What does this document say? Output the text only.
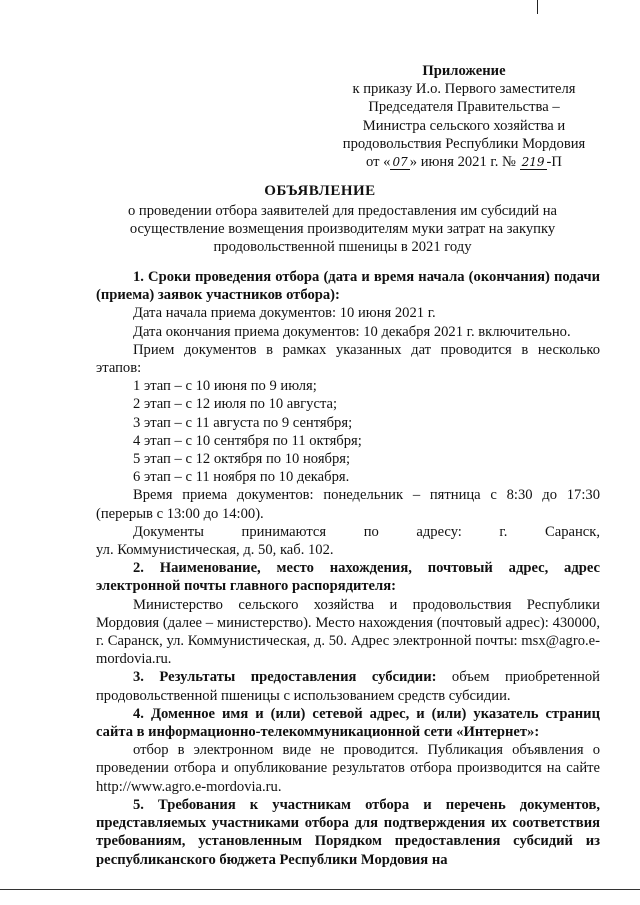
Приложение
к приказу И.о. Первого заместителя
Председателя Правительства –
Министра сельского хозяйства и
продовольствия Республики Мордовия
от « 07 » июня 2021 г. № 219 -П
ОБЪЯВЛЕНИЕ
о проведении отбора заявителей для предоставления им субсидий на осуществление возмещения производителям муки затрат на закупку продовольственной пшеницы в 2021 году

1. Сроки проведения отбора (дата и время начала (окончания) подачи (приема) заявок участников отбора):

Дата начала приема документов: 10 июня 2021 г.

Дата окончания приема документов: 10 декабря 2021 г. включительно.

Прием документов в рамках указанных дат проводится в несколько этапов:

1 этап – с 10 июня по 9 июля;

2 этап – с 12 июля по 10 августа;

3 этап – с 11 августа по 9 сентября;

4 этап – с 10 сентября по 11 октября;

5 этап – с 12 октября по 10 ноября;

6 этап – с 11 ноября по 10 декабря.

Время приема документов: понедельник – пятница с 8:30 до 17:30 (перерыв с 13:00 до 14:00).

Документы принимаются по адресу: г. Саранск,

ул. Коммунистическая, д. 50, каб. 102.

2. Наименование, место нахождения, почтовый адрес, адрес электронной почты главного распорядителя:

Министерство сельского хозяйства и продовольствия Республики Мордовия (далее – министерство). Место нахождения (почтовый адрес): 430000, г. Саранск, ул. Коммунистическая, д. 50. Адрес электронной почты: msx@agro.e-mordovia.ru.

3. Результаты предоставления субсидии: объем приобретенной продовольственной пшеницы с использованием средств субсидии.

4. Доменное имя и (или) сетевой адрес, и (или) указатель страниц сайта в информационно-телекоммуникационной сети «Интернет»:

отбор в электронном виде не проводится. Публикация объявления о проведении отбора и опубликование результатов отбора производится на сайте http://www.agro.e-mordovia.ru.

5. Требования к участникам отбора и перечень документов, представляемых участниками отбора для подтверждения их соответствия требованиям, установленным Порядком предоставления субсидий из республиканского бюджета Республики Мордовия на
